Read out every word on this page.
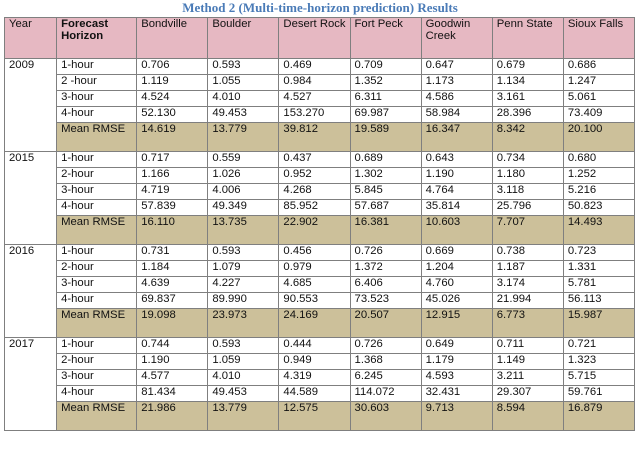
Method 2 (Multi-time-horizon prediction) Results
Year	Forecast Horizon	Bondville	Boulder	Desert Rock	Fort Peck	Goodwin Creek	Penn State	Sioux Falls
2009	1-hour	0.706	0.593	0.469	0.709	0.647	0.679	0.686
	2 -hour	1.119	1.055	0.984	1.352	1.173	1.134	1.247
	3-hour	4.524	4.010	4.527	6.311	4.586	3.161	5.061
	4-hour	52.130	49.453	153.270	69.987	58.984	28.396	73.409
	Mean RMSE	14.619	13.779	39.812	19.589	16.347	8.342	20.100
2015	1-hour	0.717	0.559	0.437	0.689	0.643	0.734	0.680
	2-hour	1.166	1.026	0.952	1.302	1.190	1.180	1.252
	3-hour	4.719	4.006	4.268	5.845	4.764	3.118	5.216
	4-hour	57.839	49.349	85.952	57.687	35.814	25.796	50.823
	Mean RMSE	16.110	13.735	22.902	16.381	10.603	7.707	14.493
2016	1-hour	0.731	0.593	0.456	0.726	0.669	0.738	0.723
	2-hour	1.184	1.079	0.979	1.372	1.204	1.187	1.331
	3-hour	4.639	4.227	4.685	6.406	4.760	3.174	5.781
	4-hour	69.837	89.990	90.553	73.523	45.026	21.994	56.113
	Mean RMSE	19.098	23.973	24.169	20.507	12.915	6.773	15.987
2017	1-hour	0.744	0.593	0.444	0.726	0.649	0.711	0.721
	2-hour	1.190	1.059	0.949	1.368	1.179	1.149	1.323
	3-hour	4.577	4.010	4.319	6.245	4.593	3.211	5.715
	4-hour	81.434	49.453	44.589	114.072	32.431	29.307	59.761
	Mean RMSE	21.986	13.779	12.575	30.603	9.713	8.594	16.879
